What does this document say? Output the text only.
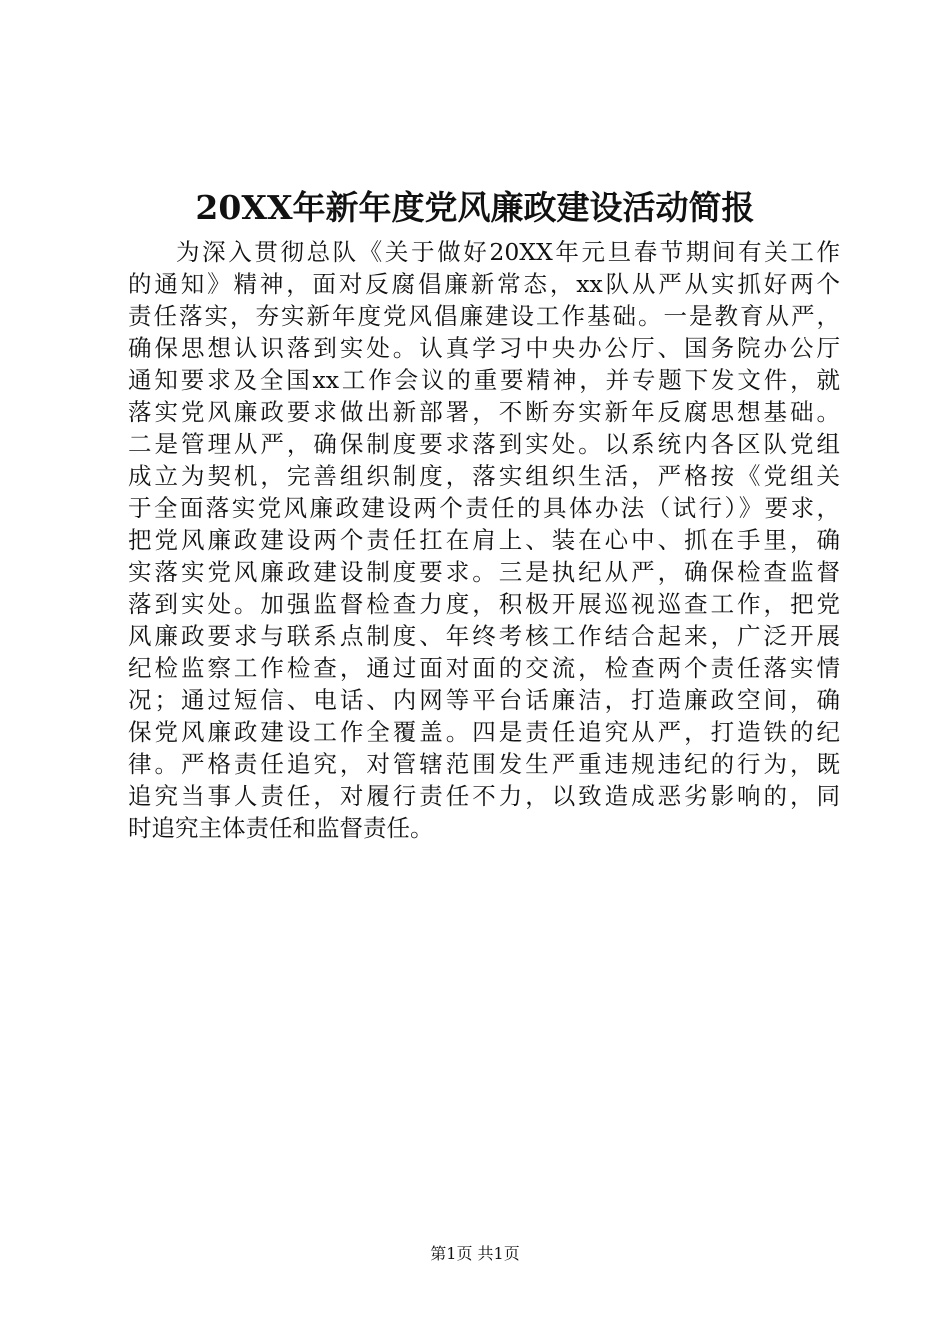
20XX年新年度党风廉政建设活动简报
为深入贯彻总队《关于做好20XX年元旦春节期间有关工作
的通知》精神，面对反腐倡廉新常态，xx队从严从实抓好两个
责任落实，夯实新年度党风倡廉建设工作基础。一是教育从严，
确保思想认识落到实处。认真学习中央办公厅、国务院办公厅
通知要求及全国xx工作会议的重要精神，并专题下发文件，就
落实党风廉政要求做出新部署，不断夯实新年反腐思想基础。
二是管理从严，确保制度要求落到实处。以系统内各区队党组
成立为契机，完善组织制度，落实组织生活，严格按《党组关
于全面落实党风廉政建设两个责任的具体办法（试行）》要求，
把党风廉政建设两个责任扛在肩上、装在心中、抓在手里，确
实落实党风廉政建设制度要求。三是执纪从严，确保检查监督
落到实处。加强监督检查力度，积极开展巡视巡查工作，把党
风廉政要求与联系点制度、年终考核工作结合起来，广泛开展
纪检监察工作检查，通过面对面的交流，检查两个责任落实情
况；通过短信、电话、内网等平台话廉洁，打造廉政空间，确
保党风廉政建设工作全覆盖。四是责任追究从严，打造铁的纪
律。严格责任追究，对管辖范围发生严重违规违纪的行为，既
追究当事人责任，对履行责任不力，以致造成恶劣影响的，同
时追究主体责任和监督责任。
第1页 共1页
